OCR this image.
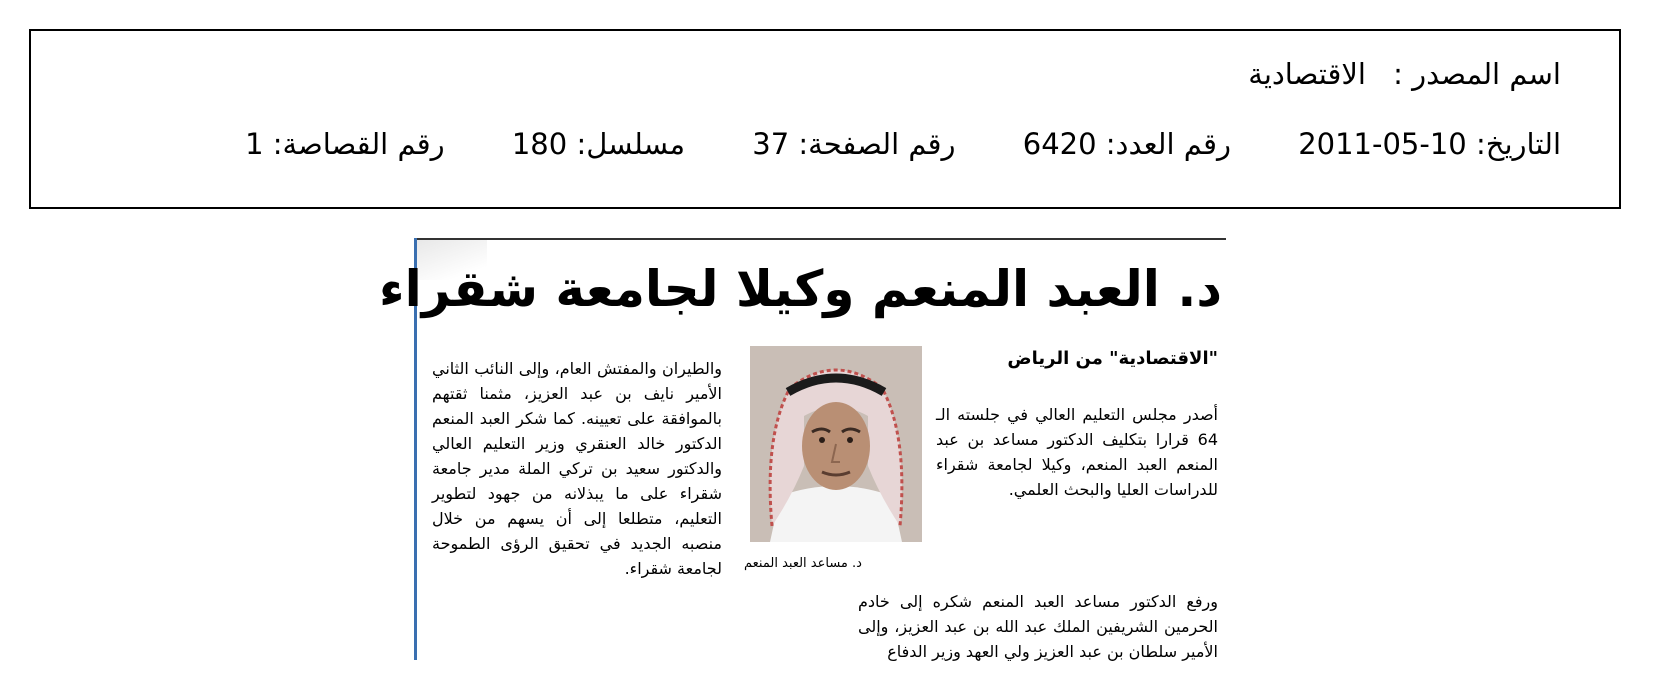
اسم المصدر :الاقتصادية
التاريخ: 2011-05-10 رقم العدد: 6420 رقم الصفحة: 37 مسلسل: 180 رقم القصاصة: 1
د. العبد المنعم وكيلا لجامعة شقراء
"الاقتصادية" من الرياض
أصدر مجلس التعليم العالي في جلسته الـ 64 قرارا بتكليف الدكتور مساعد بن عبد المنعم العبد المنعم، وكيلا لجامعة شقراء للدراسات العليا والبحث العلمي.
ورفع الدكتور مساعد العبد المنعم شكره إلى خادم الحرمين الشريفين الملك عبد الله بن عبد العزيز، وإلى الأمير سلطان بن عبد العزيز ولي العهد وزير الدفاع
والطيران والمفتش العام، وإلى النائب الثاني الأمير نايف بن عبد العزيز، مثمنا ثقتهم بالموافقة على تعيينه. كما شكر العبد المنعم الدكتور خالد العنقري وزير التعليم العالي والدكتور سعيد بن تركي الملة مدير جامعة شقراء على ما يبذلانه من جهود لتطوير التعليم، متطلعا إلى أن يسهم من خلال منصبه الجديد في تحقيق الرؤى الطموحة لجامعة شقراء. د. مساعد العبد المنعم
